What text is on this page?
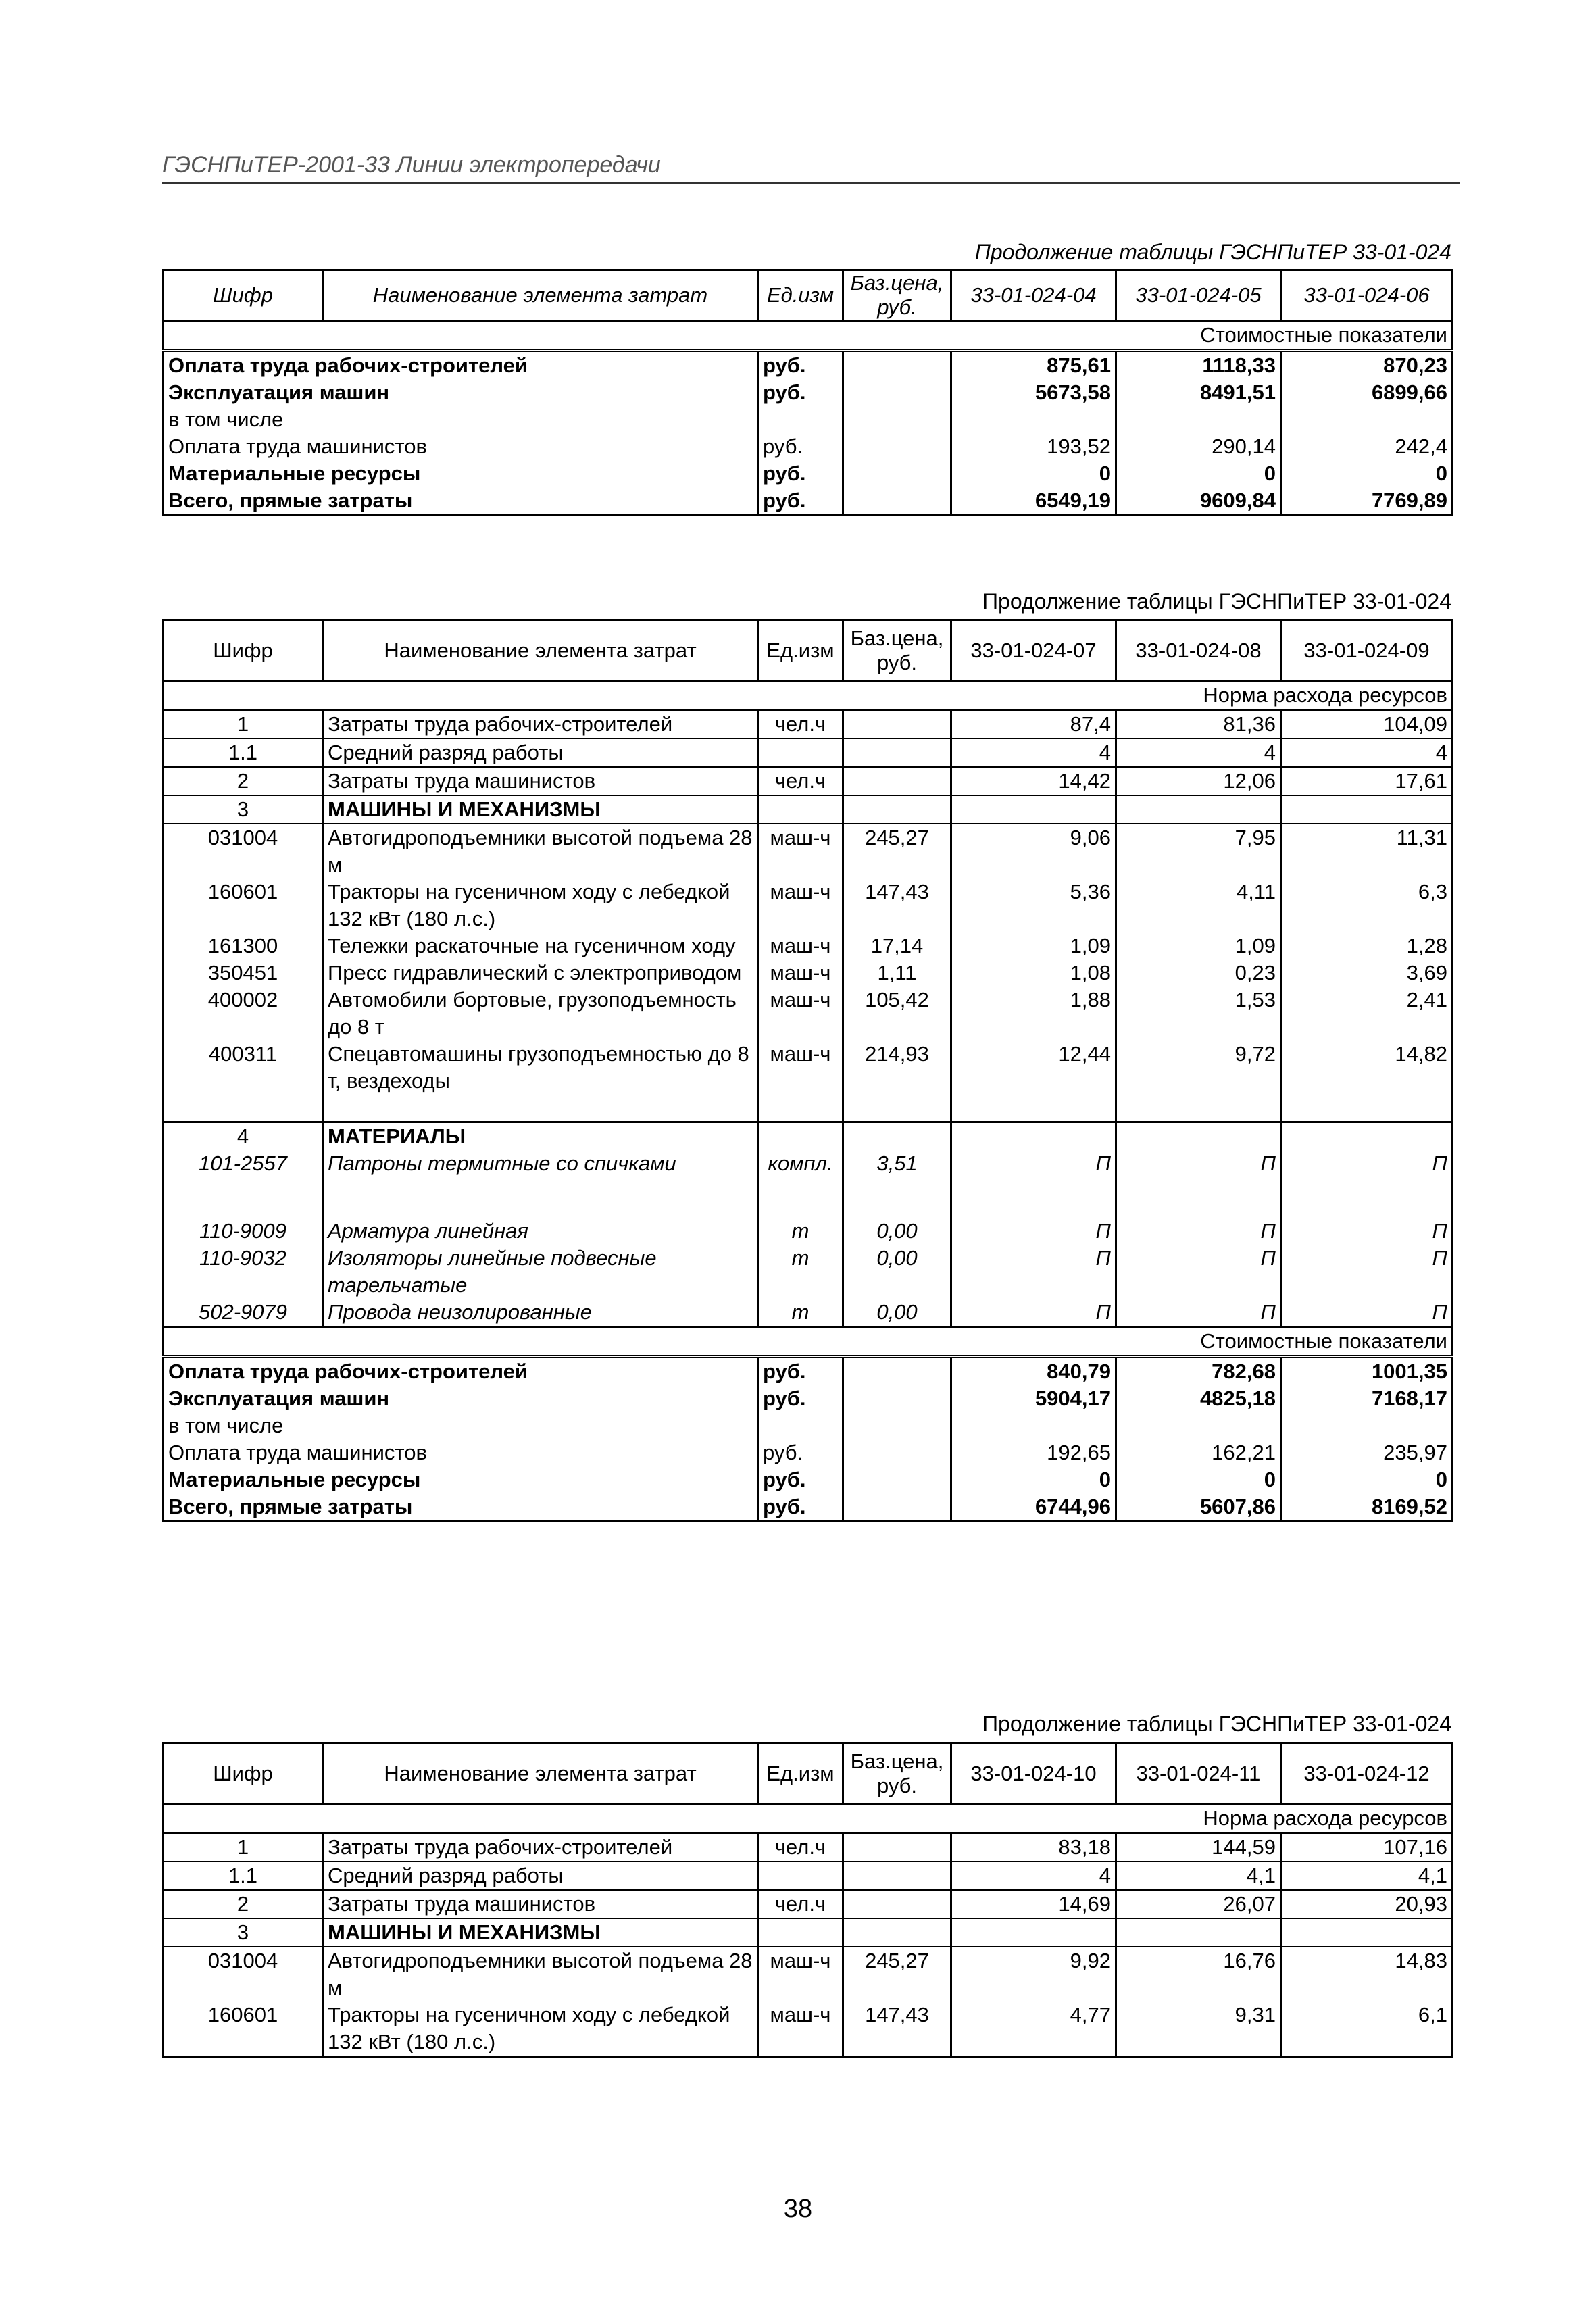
ГЭСНПиТЕР-2001-33 Линии электропередачи
Продолжение таблицы ГЭСНПиТЕР 33-01-024
Шифр	Наименование элемента затрат	Ед.изм	Баз.цена, руб.	33-01-024-04	33-01-024-05	33-01-024-06
Стоимостные показатели						
Оплата труда рабочих-строителей		руб.		875,61	1118,33	870,23
Эксплуатация машин		руб.		5673,58	8491,51	6899,66
в том числе						
Оплата труда машинистов		руб.		193,52	290,14	242,4
Материальные ресурсы		руб.		0	0	0
Всего, прямые затраты		руб.		6549,19	9609,84	7769,89
Продолжение таблицы ГЭСНПиТЕР 33-01-024
Шифр	Наименование элемента затрат	Ед.изм	Баз.цена, руб.	33-01-024-07	33-01-024-08	33-01-024-09
Норма расхода ресурсов						
1	Затраты труда рабочих-строителей	чел.ч		87,4	81,36	104,09
1.1	Средний разряд работы			4	4	4
2	Затраты труда машинистов	чел.ч		14,42	12,06	17,61
3	МАШИНЫ И МЕХАНИЗМЫ					
031004	Автогидроподъемники высотой подъема 28 м	маш-ч	245,27	9,06	7,95	11,31
160601	Тракторы на гусеничном ходу с лебедкой 132 кВт (180 л.с.)	маш-ч	147,43	5,36	4,11	6,3
161300	Тележки раскаточные на гусеничном ходу	маш-ч	17,14	1,09	1,09	1,28
350451	Пресс гидравлический с электроприводом	маш-ч	1,11	1,08	0,23	3,69
400002	Автомобили бортовые, грузоподъемность до 8 т	маш-ч	105,42	1,88	1,53	2,41
400311	Спецавтомашины грузоподъемностью до 8 т, вездеходы	маш-ч	214,93	12,44	9,72	14,82
4	МАТЕРИАЛЫ					
101-2557	Патроны термитные со спичками	компл.	3,51	П	П	П
110-9009	Арматура линейная	т	0,00	П	П	П
110-9032	Изоляторы линейные подвесные тарельчатые	т	0,00	П	П	П
502-9079	Провода неизолированные	т	0,00	П	П	П
Стоимостные показатели						
Оплата труда рабочих-строителей		руб.		840,79	782,68	1001,35
Эксплуатация машин		руб.		5904,17	4825,18	7168,17
в том числе						
Оплата труда машинистов		руб.		192,65	162,21	235,97
Материальные ресурсы		руб.		0	0	0
Всего, прямые затраты		руб.		6744,96	5607,86	8169,52
Продолжение таблицы ГЭСНПиТЕР 33-01-024
Шифр	Наименование элемента затрат	Ед.изм	Баз.цена, руб.	33-01-024-10	33-01-024-11	33-01-024-12
Норма расхода ресурсов						
1	Затраты труда рабочих-строителей	чел.ч		83,18	144,59	107,16
1.1	Средний разряд работы			4	4,1	4,1
2	Затраты труда машинистов	чел.ч		14,69	26,07	20,93
3	МАШИНЫ И МЕХАНИЗМЫ					
031004	Автогидроподъемники высотой подъема 28 м	маш-ч	245,27	9,92	16,76	14,83
160601	Тракторы на гусеничном ходу с лебедкой 132 кВт (180 л.с.)	маш-ч	147,43	4,77	9,31	6,1
38
